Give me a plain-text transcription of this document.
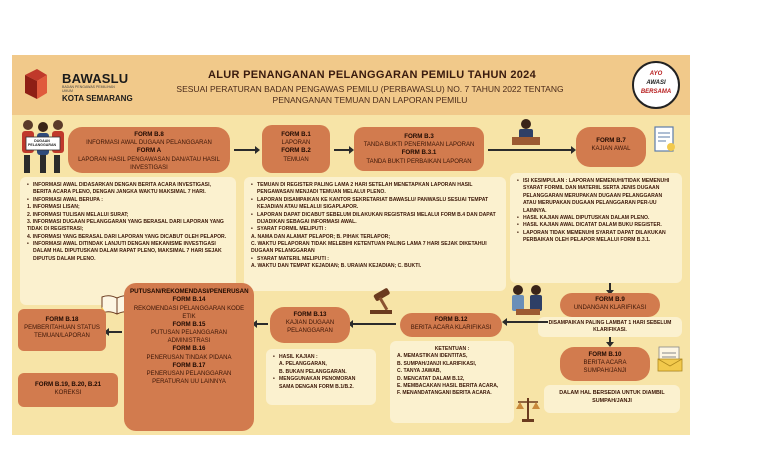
BAWASLU
BADAN PENGAWAS PEMILIHAN UMUM
KOTA SEMARANG
ALUR PENANGANAN PELANGGARAN PEMILU TAHUN 2024
SESUAI PERATURAN BADAN PENGAWAS PEMILU (PERBAWASLU) NO. 7 TAHUN 2022 TENTANG
PENANGANAN TEMUAN DAN LAPORAN PEMILU
AYO
AWASI
BERSAMA
DUGAAN PELANGGARAN
FORM B.8
INFORMASI AWAL DUGAAN PELANGGARAN
FORM A
LAPORAN HASIL PENGAWASAN DAN/ATAU HASIL INVESTIGASI
FORM B.1
LAPORAN
FORM B.2
TEMUAN
FORM B.3
TANDA BUKTI PENERIMAAN LAPORAN
FORM B.3.1
TANDA BUKTI PERBAIKAN LAPORAN
FORM B.7
KAJIAN AWAL
• INFORMASI AWAL DIDASARKAN DENGAN BERITA ACARA INVESTIGASI, BERITA ACARA PLENO, DENGAN JANGKA WAKTU MAKSIMAL 7 HARI.
• INFORMASI AWAL BERUPA :
1. INFORMASI LISAN;
2. INFORMASI TULISAN MELALUI SURAT;
3. INFORMASI DUGAAN PELANGGARAN YANG BERASAL DARI LAPORAN YANG TIDAK DI REGISTRASI;
4. INFORMASI YANG BERASAL DARI LAPORAN YANG DICABUT OLEH PELAPOR.
• INFORMASI AWAL DITINDAK LANJUTI DENGAN MEKANISME INVESTIGASI DALAM HAL DIPUTUSKAN DALAM RAPAT PLENO, MAKSIMAL 7 HARI SEJAK DIPUTUS DALAM PLENO.
• TEMUAN DI REGISTER PALING LAMA 2 HARI SETELAH MENETAPKAN LAPORAN HASIL PENGAWASAN MENJADI TEMUAN MELALUI PLENO.
• LAPORAN DISAMPAIKAN KE KANTOR SEKRETARIAT BAWASLU/ PANWASLU SESUAI TEMPAT KEJADIAN ATAU MELALUI SIGAPLAPOR.
• LAPORAN DAPAT DICABUT SEBELUM DILAKUKAN REGISTRASI MELALUI FORM B.4 DAN DAPAT DIJADIKAN SEBAGAI INFORMASI AWAL.
• SYARAT FORMIL MELIPUTI :
A. NAMA DAN ALAMAT PELAPOR; B. PIHAK TERLAPOR;
C. WAKTU PELAPORAN TIDAK MELEBIHI KETENTUAN PALING LAMA 7 HARI SEJAK DIKETAHUI DUGAAN PELANGGARAN
• SYARAT MATERIL MELIPUTI :
A. WAKTU DAN TEMPAT KEJADIAN; B. URAIAN KEJADIAN; C. BUKTI.
• ISI KESIMPULAN : LAPORAN MEMENUHI/TIDAK MEMENUHI SYARAT FORMIL DAN MATERIIL SERTA JENIS DUGAAN PELANGGARAN MERUPAKAN DUGAAN PELANGGARAN ATAU MERUPAKAN DUGAAN PELANGGARAN PER-UU LAINNYA.
• HASIL KAJIAN AWAL DIPUTUSKAN DALAM PLENO.
• HASIL KAJIAN AWAL DICATAT DALAM BUKU REGISTER.
• LAPORAN TIDAK MEMENUHI SYARAT DAPAT DILAKUKAN PERBAIKAN OLEH PELAPOR MELALUI FORM B.3.1.
FORM B.9
UNDANGAN KLARIFIKASI
DISAMPAIKAN PALING LAMBAT 1 HARI SEBELUM KLARIFIKASI.
FORM B.10
BERITA ACARA SUMPAH/JANJI
DALAM HAL BERSEDIA UNTUK DIAMBIL SUMPAH/JANJI
FORM B.12
BERITA ACARA KLARIFIKASI
KETENTUAN :
A. MEMASTIKAN IDENTITAS,
B. SUMPAH/JANJI KLARIFIKASI,
C. TANYA JAWAB,
D. MENCATAT DALAM B.12,
E. MEMBACAKAN HASIL BERITA ACARA,
F. MENANDATANGANI BERITA ACARA.
FORM B.13
KAJIAN DUGAAN PELANGGARAN
• HASIL KAJIAN :
A. PELANGGARAN,
B. BUKAN PELANGGARAN.
• MENGGUNAKAN PENOMORAN SAMA DENGAN FORM B.1/B.2.
PUTUSAN/REKOMENDASI/PENERUSAN
FORM B.14
REKOMENDASI PELANGGARAN KODE ETIK
FORM B.15
PUTUSAN PELANGGARAN ADMINISTRASI
FORM B.16
PENERUSAN TINDAK PIDANA
FORM B.17
PENERUSAN PELANGGARAN PERATURAN UU LAINNYA
FORM B.18
PEMBERITAHUAN STATUS TEMUAN/LAPORAN
FORM B.19, B.20, B.21
KOREKSI
